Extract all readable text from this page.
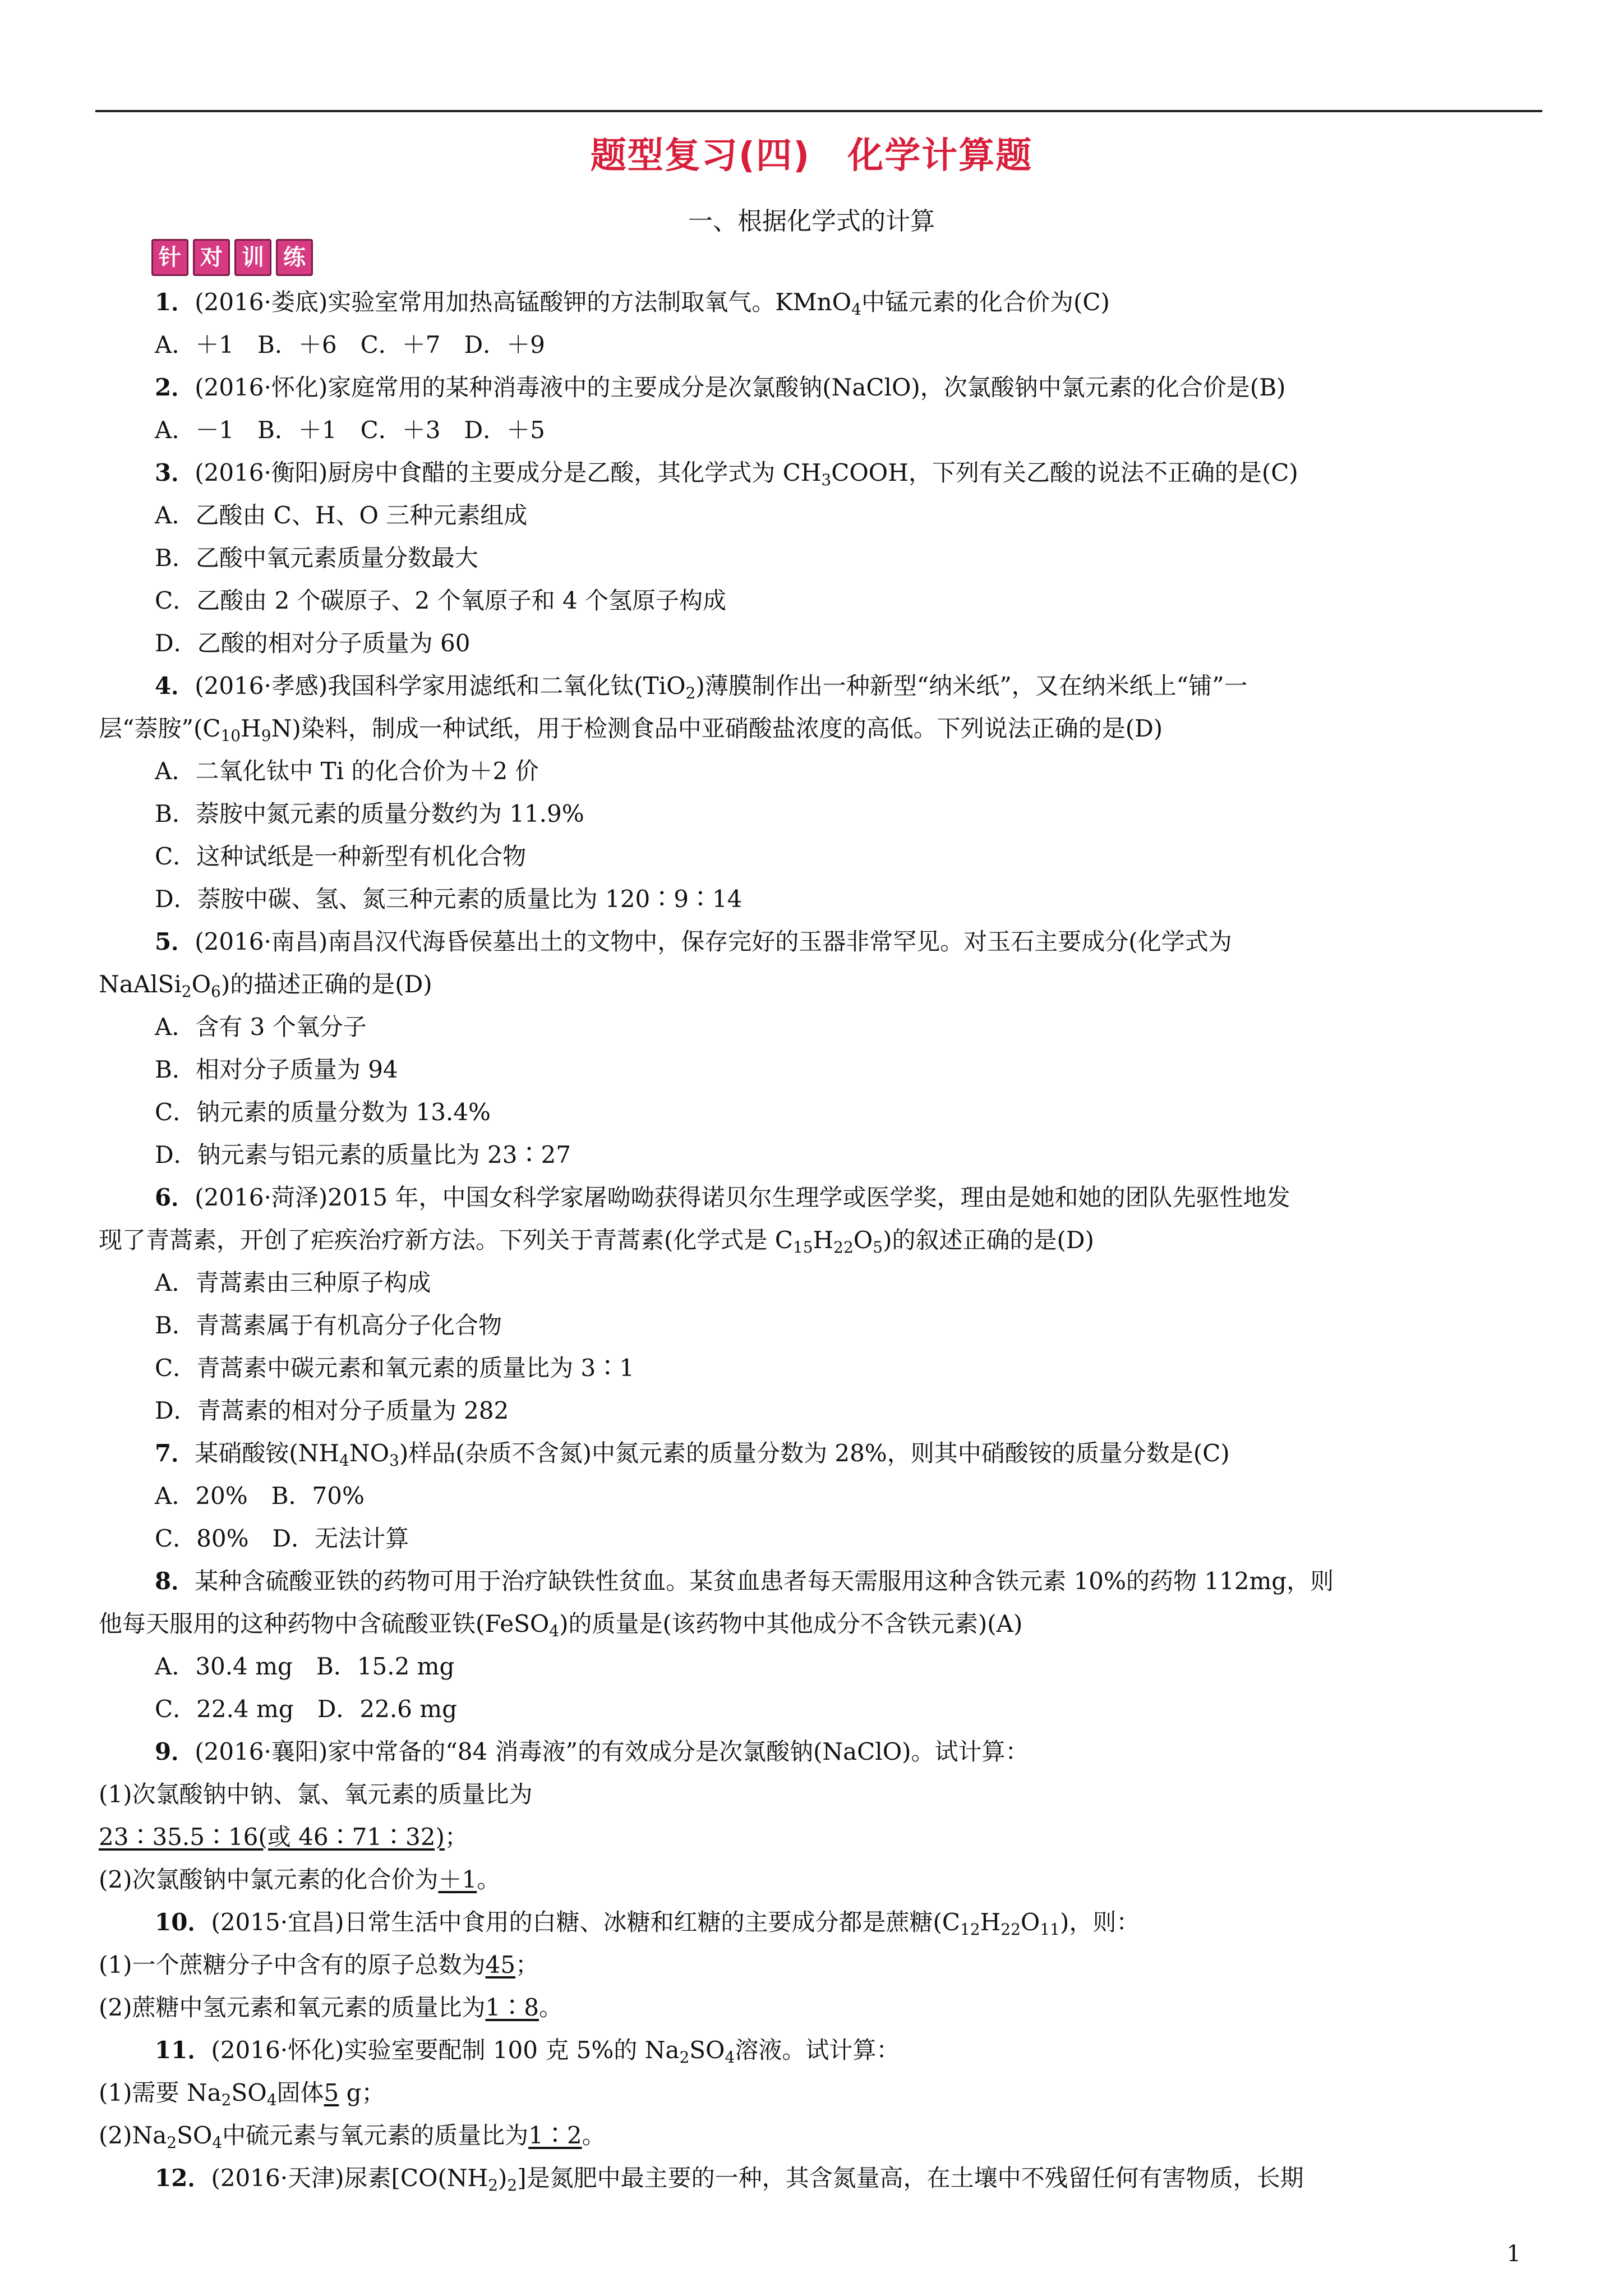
题型复习(四)　化学计算题
一、根据化学式的计算
针 对 训 练
1．(2016·娄底)实验室常用加热高锰酸钾的方法制取氧气。KMnO$_4$中锰元素的化合价为(C)
A．＋1　B．＋6　C．＋7　D．＋9
2．(2016·怀化)家庭常用的某种消毒液中的主要成分是次氯酸钠(NaClO)，次氯酸钠中氯元素的化合价是(B)
A．－1　B．＋1　C．＋3　D．＋5
3．(2016·衡阳)厨房中食醋的主要成分是乙酸，其化学式为 $CH_3COOH$，下列有关乙酸的说法不正确的是(C)
A．乙酸由 C、H、O 三种元素组成
B．乙酸中氧元素质量分数最大
C．乙酸由 2 个碳原子、2 个氧原子和 4 个氢原子构成
D．乙酸的相对分子质量为 60
4．(2016·孝感)我国科学家用滤纸和二氧化钛(TiO$_2$)薄膜制作出一种新型“纳米纸”，又在纳米纸上“铺”一
层“萘胺$”(C_{10}H_9N)$染料，制成一种试纸，用于检测食品中亚硝酸盐浓度的高低。下列说法正确的是(D)
A．二氧化钛中 Ti 的化合价为＋2 价
B．萘胺中氮元素的质量分数约为 11.9%
C．这种试纸是一种新型有机化合物
D．萘胺中碳、氢、氮三种元素的质量比为 120∶9∶14
5．(2016·南昌)南昌汉代海昏侯墓出土的文物中，保存完好的玉器非常罕见。对玉石主要成分(化学式为
$NaAlSi_2O_6$)的描述正确的是(D)
A．含有 3 个氧分子
B．相对分子质量为 94
C．钠元素的质量分数为 13.4%
D．钠元素与铝元素的质量比为 23∶27
6．(2016·菏泽)2015 年，中国女科学家屠呦呦获得诺贝尔生理学或医学奖，理由是她和她的团队先驱性地发
现了青蒿素，开创了疟疾治疗新方法。下列关于青蒿素(化学式是 $C_{15}H_{22}O_5$)的叙述正确的是(D)
A．青蒿素由三种原子构成
B．青蒿素属于有机高分子化合物
C．青蒿素中碳元素和氧元素的质量比为 3∶1
D．青蒿素的相对分子质量为 282
7．某硝酸铵$(NH_4NO_3)$样品(杂质不含氮)中氮元素的质量分数为 28%，则其中硝酸铵的质量分数是(C)
A．20%　B．70%
C．80%　D．无法计算
8．某种含硫酸亚铁的药物可用于治疗缺铁性贫血。某贫血患者每天需服用这种含铁元素 10%的药物 112mg，则
他每天服用的这种药物中含硫酸亚铁(FeSO$_4$)的质量是(该药物中其他成分不含铁元素)(A)
A．30.4 mg　B．15.2 mg
C．22.4 mg　D．22.6 mg
9．(2016·襄阳)家中常备的“84 消毒液”的有效成分是次氯酸钠(NaClO)。试计算：
(1)次氯酸钠中钠、氯、氧元素的质量比为
23∶35.5∶16(或 46∶71∶32)；
(2)次氯酸钠中氯元素的化合价为＋1。
10．(2015·宜昌)日常生活中食用的白糖、冰糖和红糖的主要成分都是蔗糖$(C_{12}H_{22}O_{11})$，则：
(1)一个蔗糖分子中含有的原子总数为45；
(2)蔗糖中氢元素和氧元素的质量比为1∶8。
11．(2016·怀化)实验室要配制 100 克 5%的 $Na_2SO_4$溶液。试计算：
(1)需要 $Na_2SO_4$固体5 g；
$(2)Na_2SO_4$中硫元素与氧元素的质量比为1∶2。
12．(2016·天津)尿素$[CO(NH_2)_2]$是氮肥中最主要的一种，其含氮量高，在土壤中不残留任何有害物质，长期
1
